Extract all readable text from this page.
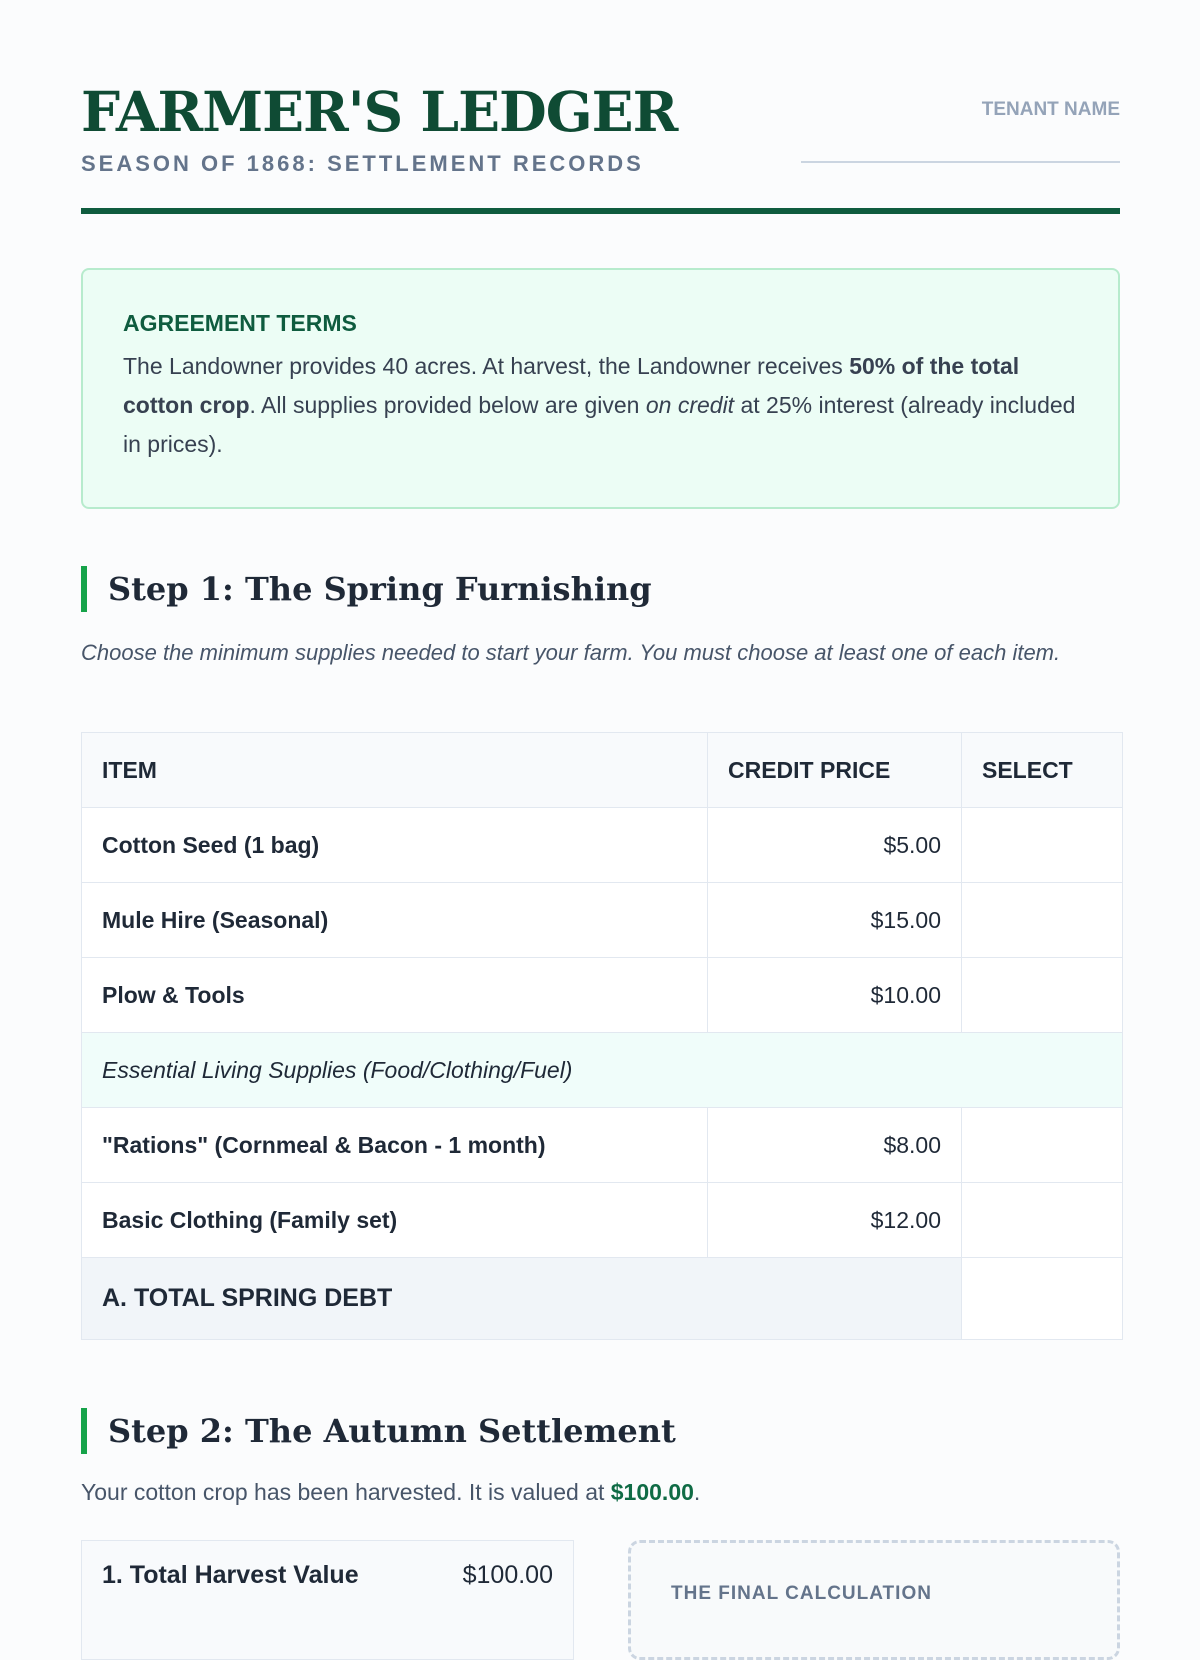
FARMER'S LEDGER
SEASON OF 1868: SETTLEMENT RECORDS
TENANT NAME
AGREEMENT TERMS

The Landowner provides 40 acres. At harvest, the Landowner receives 50% of the total cotton crop. All supplies provided below are given on credit at 25% interest (already included in prices).

Step 1: The Spring Furnishing

Choose the minimum supplies needed to start your farm. You must choose at least one of each item.

ITEM	CREDIT PRICE	SELECT
Cotton Seed (1 bag)	$5.00	
Mule Hire (Seasonal)	$15.00	
Plow & Tools	$10.00	
Essential Living Supplies (Food/Clothing/Fuel)		
"Rations" (Cornmeal & Bacon - 1 month)	$8.00	
Basic Clothing (Family set)	$12.00	
A. TOTAL SPRING DEBT		
Step 2: The Autumn Settlement
Your cotton crop has been harvested. It is valued at $100.00.
1. Total Harvest Value	$100.00
THE FINAL CALCULATION
